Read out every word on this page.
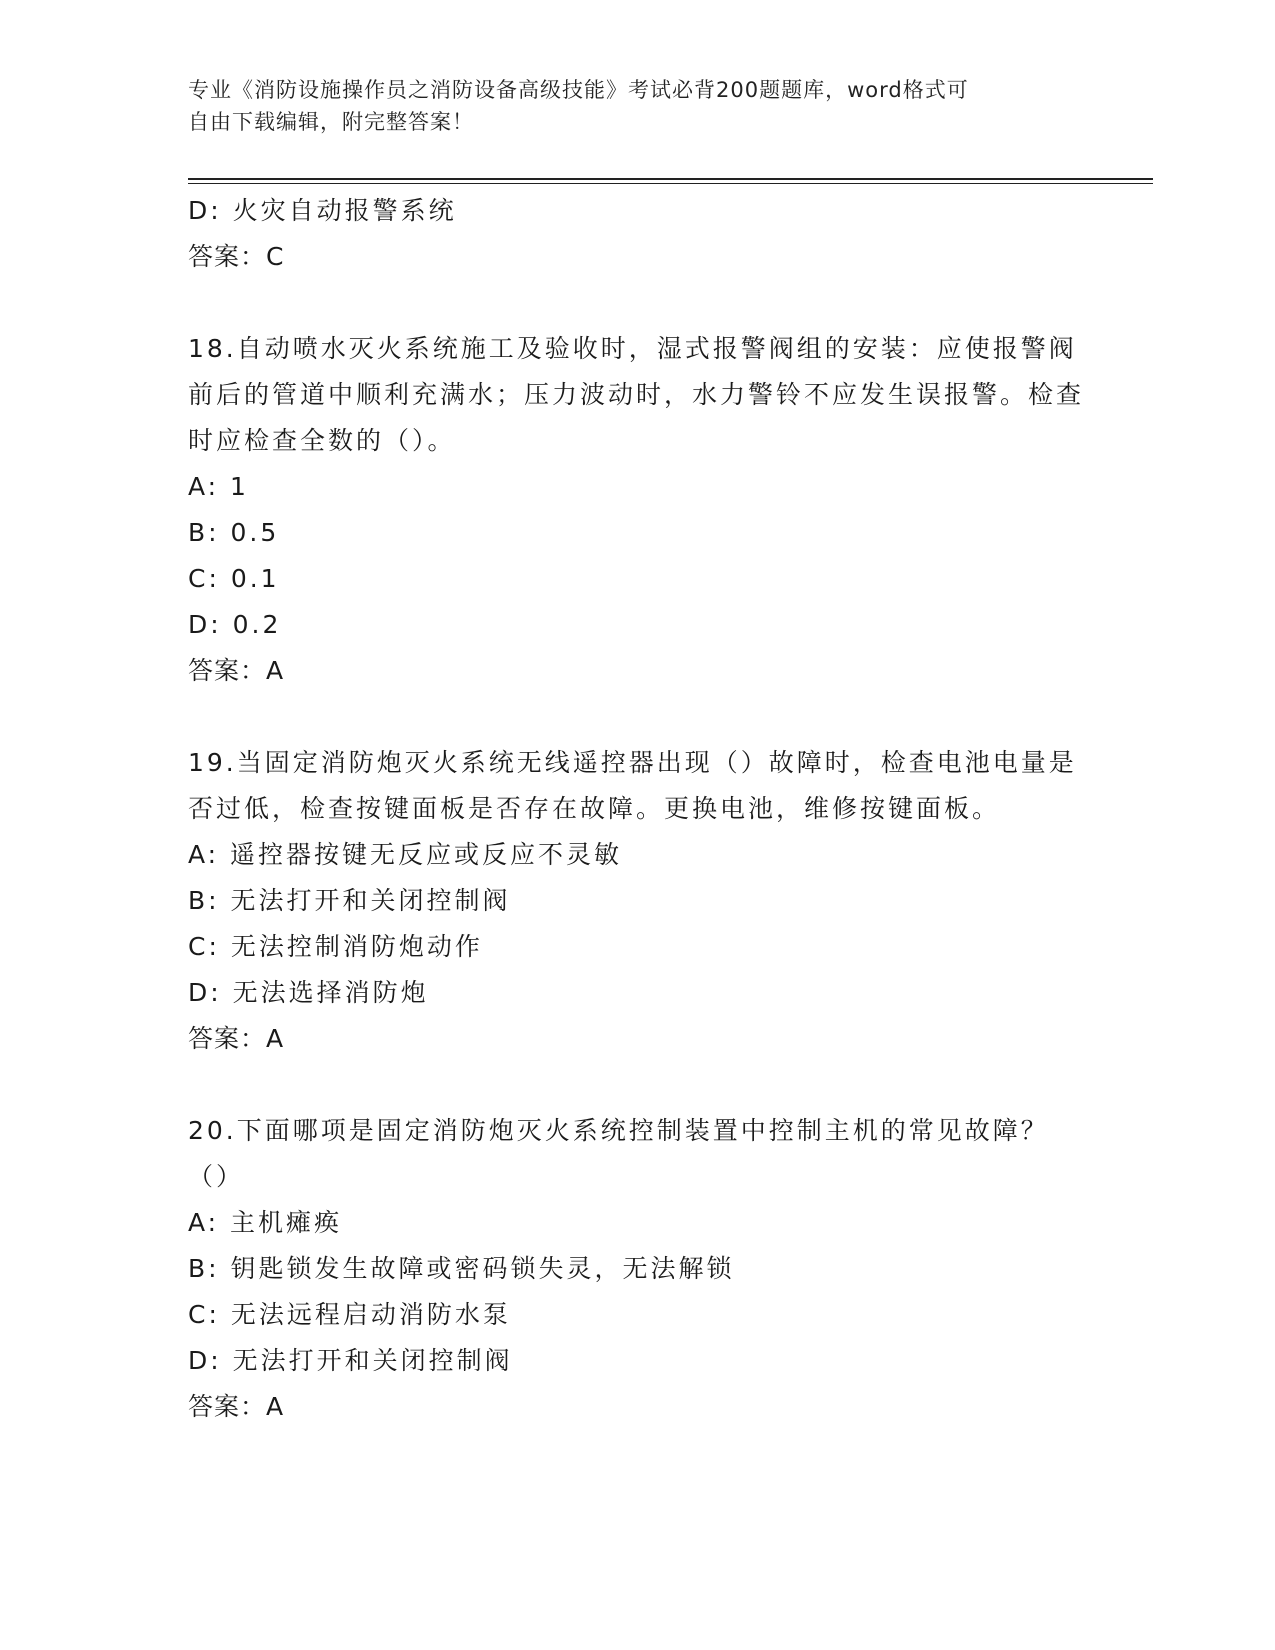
专业《消防设施操作员之消防设备高级技能》考试必背200题题库，word格式可
自由下载编辑，附完整答案！
D: 火灾自动报警系统
答案：C
18.自动喷水灭火系统施工及验收时，湿式报警阀组的安装：应使报警阀前后的管道中顺利充满水；压力波动时，水力警铃不应发生误报警。检查时应检查全数的（）。
A: 1
B: 0.5
C: 0.1
D: 0.2
答案：A
19.当固定消防炮灭火系统无线遥控器出现（）故障时，检查电池电量是否过低，检查按键面板是否存在故障。更换电池，维修按键面板。
A: 遥控器按键无反应或反应不灵敏
B: 无法打开和关闭控制阀
C: 无法控制消防炮动作
D: 无法选择消防炮
答案：A
20.下面哪项是固定消防炮灭火系统控制装置中控制主机的常见故障？（）
A: 主机瘫痪
B: 钥匙锁发生故障或密码锁失灵，无法解锁
C: 无法远程启动消防水泵
D: 无法打开和关闭控制阀
答案：A
